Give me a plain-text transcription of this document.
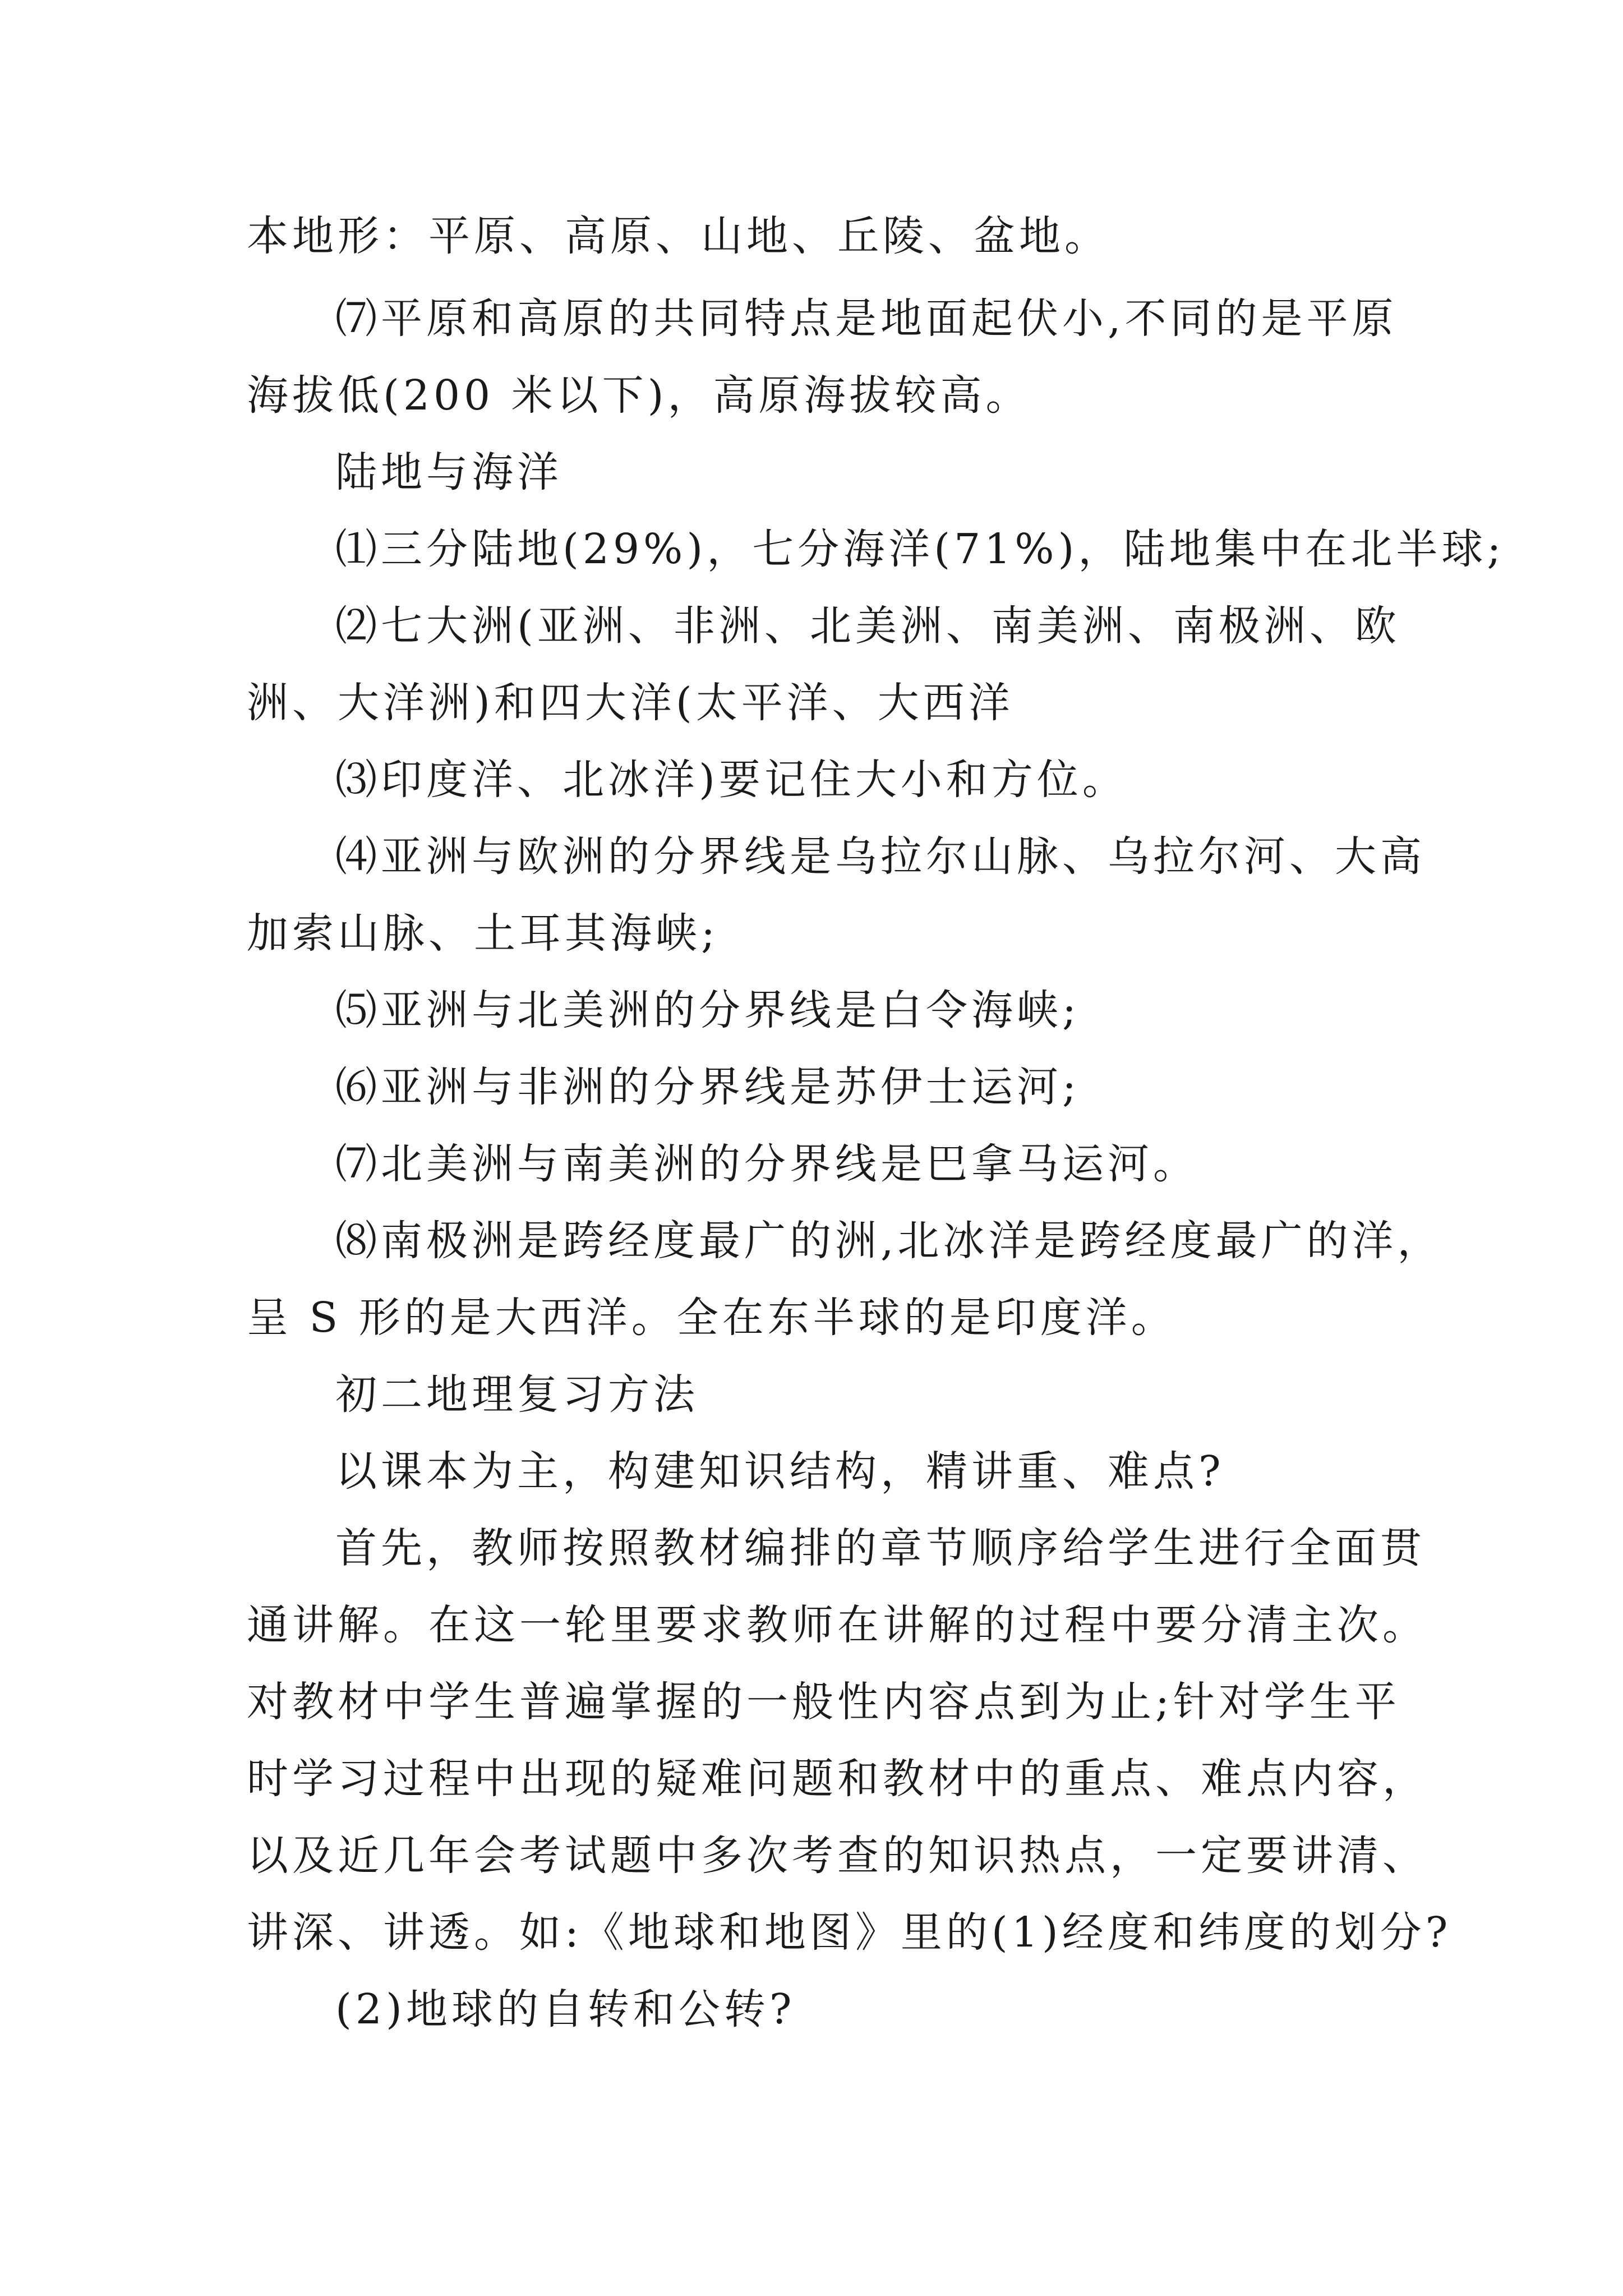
本地形：平原、高原、山地、丘陵、盆地。
⑺平原和高原的共同特点是地面起伏小,不同的是平原
海拔低(200 米以下)，高原海拔较高。
陆地与海洋
⑴三分陆地(29%)，七分海洋(71%)，陆地集中在北半球;
⑵七大洲(亚洲、非洲、北美洲、南美洲、南极洲、欧
洲、大洋洲)和四大洋(太平洋、大西洋
⑶印度洋、北冰洋)要记住大小和方位。
⑷亚洲与欧洲的分界线是乌拉尔山脉、乌拉尔河、大高
加索山脉、土耳其海峡;
⑸亚洲与北美洲的分界线是白令海峡;
⑹亚洲与非洲的分界线是苏伊士运河;
⑺北美洲与南美洲的分界线是巴拿马运河。
⑻南极洲是跨经度最广的洲,北冰洋是跨经度最广的洋，
呈 S 形的是大西洋。全在东半球的是印度洋。
初二地理复习方法
以课本为主，构建知识结构，精讲重、难点?
首先，教师按照教材编排的章节顺序给学生进行全面贯
通讲解。在这一轮里要求教师在讲解的过程中要分清主次。
对教材中学生普遍掌握的一般性内容点到为止;针对学生平
时学习过程中出现的疑难问题和教材中的重点、难点内容，
以及近几年会考试题中多次考查的知识热点，一定要讲清、
讲深、讲透。如:《地球和地图》里的(1)经度和纬度的划分?
(2)地球的自转和公转?
